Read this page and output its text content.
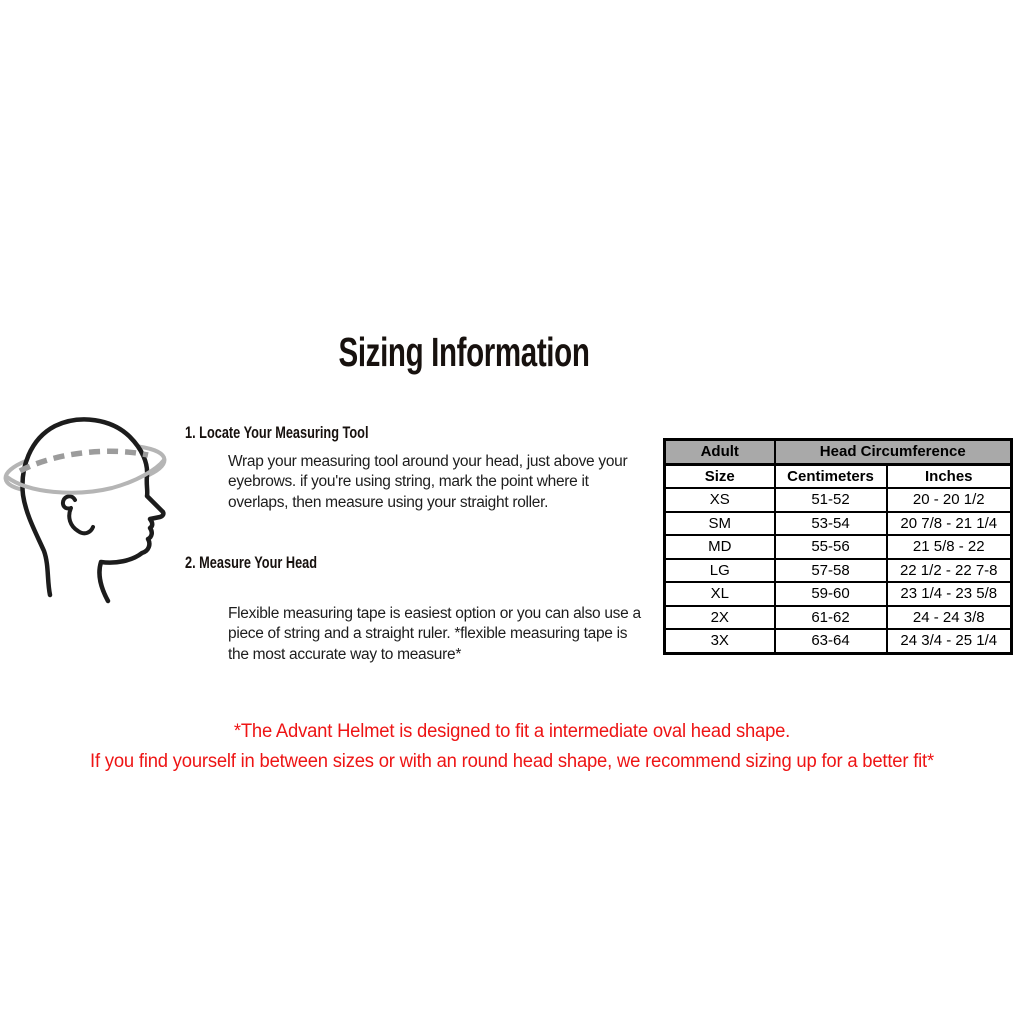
Sizing Information
1. Locate Your Measuring Tool

Wrap your measuring tool around your head, just above your eyebrows. if you're using string, mark the point where it overlaps, then measure using your straight roller.

2. Measure Your Head

Flexible measuring tape is easiest option or you can also use a piece of string and a straight ruler. *flexible measuring tape is the most accurate way to measure*

Adult	Head Circumference	
Size	Centimeters	Inches
XS	51-52	20 - 20 1/2
SM	53-54	20 7/8 - 21 1/4
MD	55-56	21 5/8 - 22
LG	57-58	22 1/2 - 22 7-8
XL	59-60	23 1/4 - 23 5/8
2X	61-62	24 - 24 3/8
3X	63-64	24 3/4 - 25 1/4

*The Advant Helmet is designed to fit a intermediate oval head shape.
If you find yourself in between sizes or with an round head shape, we recommend sizing up for a better fit*
